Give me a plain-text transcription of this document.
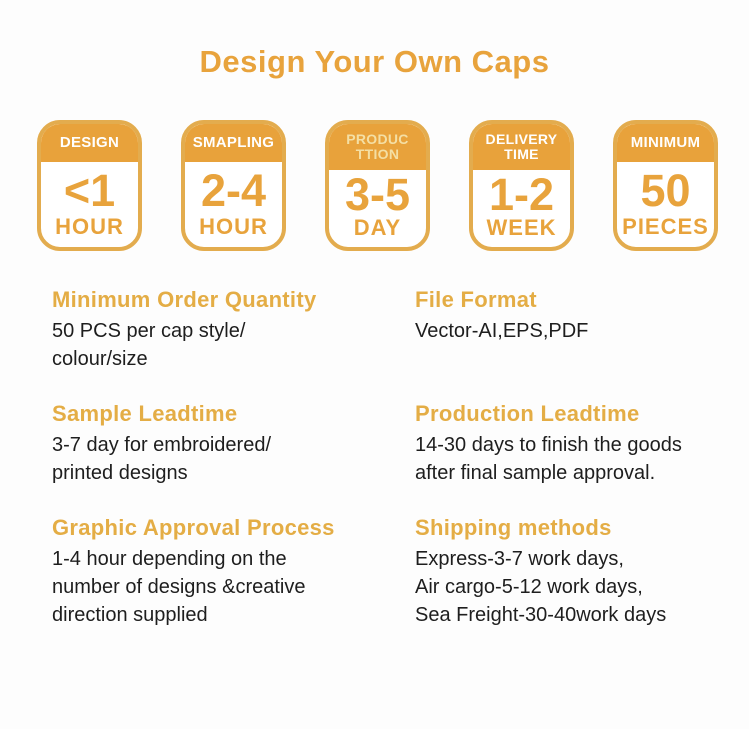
Design Your Own Caps
DESIGN
<1
HOUR
SMAPLING
2-4
HOUR
PRODUC
TTION
3-5
DAY
DELIVERY
TIME
1-2
WEEK
MINIMUM
50
PIECES
Minimum Order Quantity
50 PCS per cap style/
colour/size
File Format
Vector-AI,EPS,PDF
Sample Leadtime
3-7 day for embroidered/
printed designs
Production Leadtime
14-30 days to finish the goods
after final sample approval.
Graphic Approval Process
1-4 hour depending on the
number of designs &creative
direction supplied
Shipping methods
Express-3-7 work days,
Air cargo-5-12 work days,
Sea Freight-30-40work days
